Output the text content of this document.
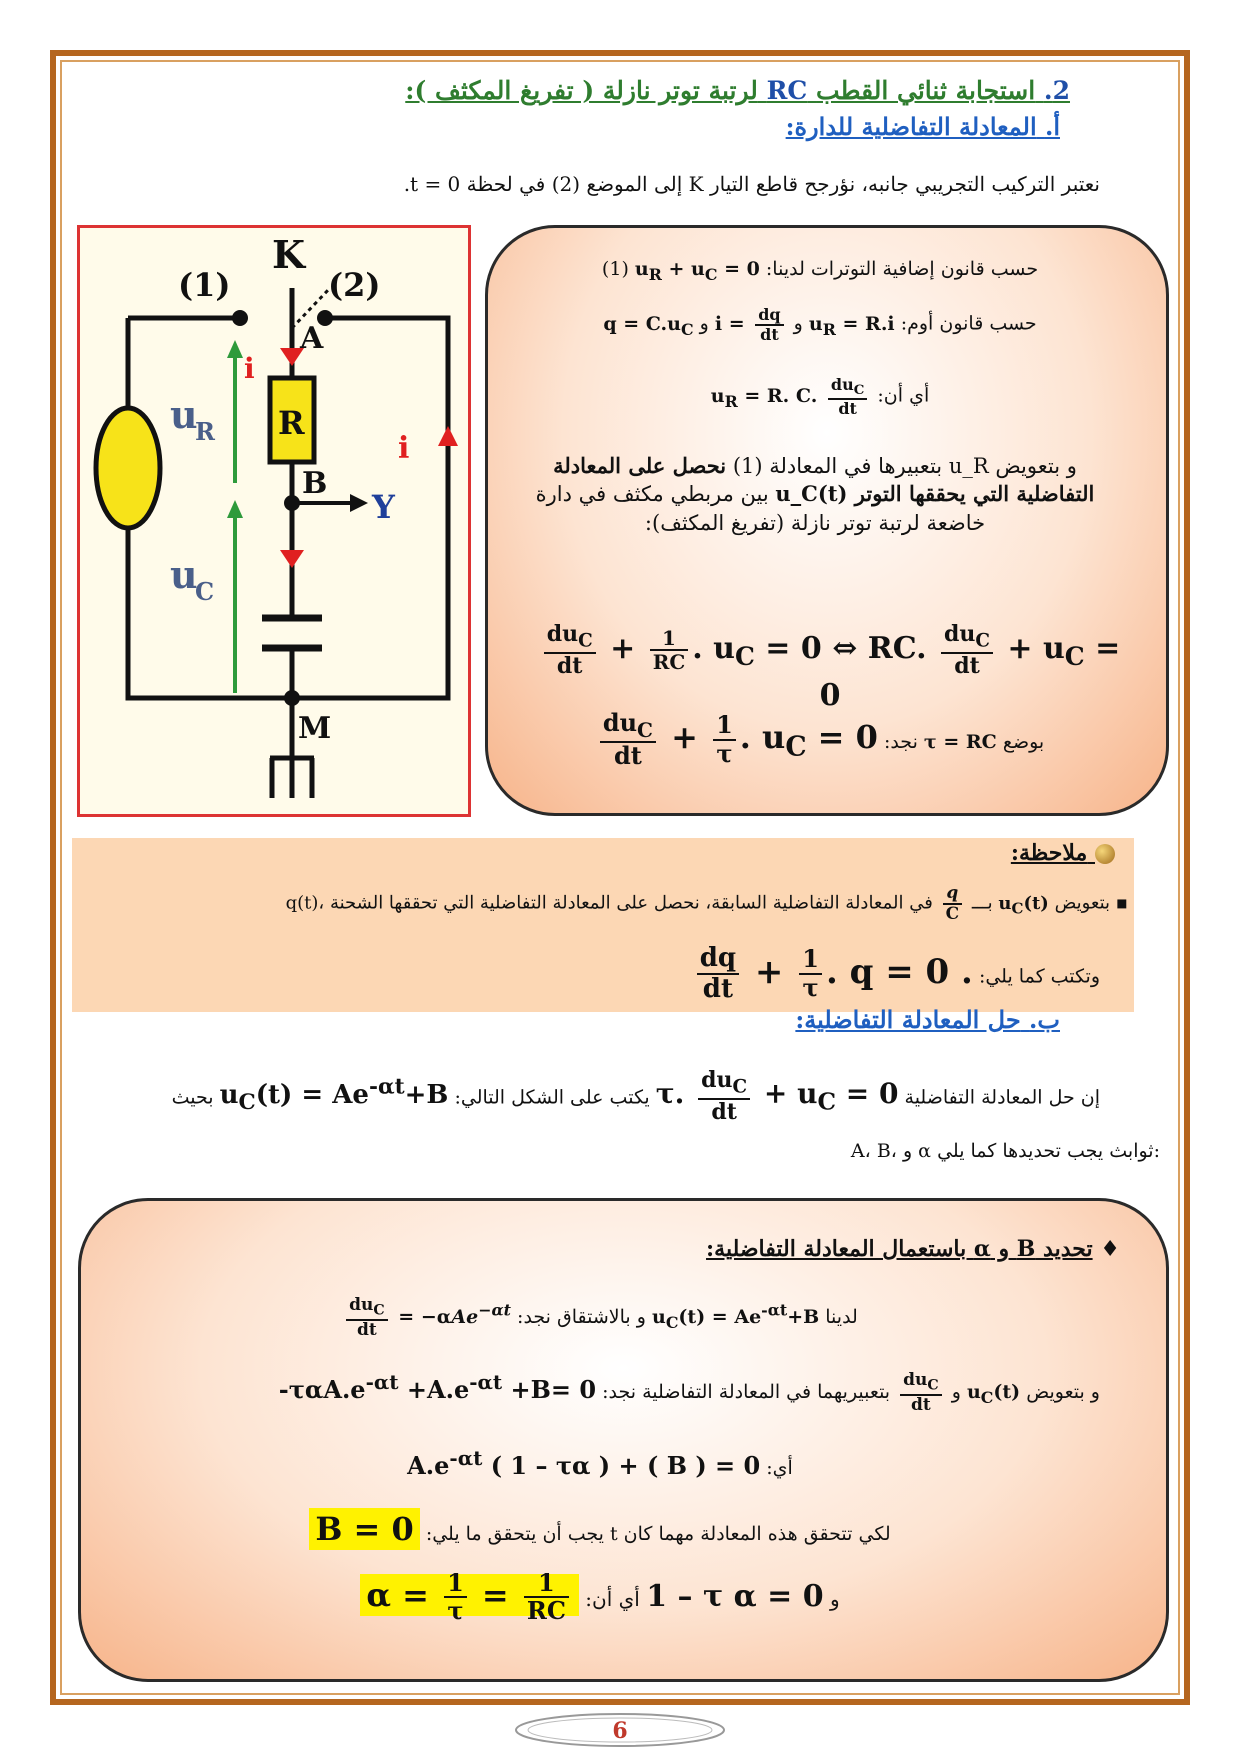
2. استجابة ثنائي القطب RC لرتبة توتر نازلة ( تفريغ المكثف ):
أ. المعادلة التفاضلية للدارة:
نعتبر التركيب التجريبي جانبه، نؤرجح قاطع التيار K إلى الموضع (2) في لحظة t = 0.
K
(1)	(2)
A
i
R
u
R	i
B
Y
u
C
M
حسب قانون إضافية التوترات لدينا: $u_R + u_C = 0$ (1)
حسب قانون أوم: $u_R = R.i$ و $i = \frac{dq}{dt}$
و $q = C.u_C$
أي أن: $u_R = R$. C. $\frac{du_C}{dt}$
و بتعويض u_R بتعبيرها في المعادلة (1) نحصل على المعادلة التفاضلية التي يحققها التوتر u_C(t) بين مربطي مكثف في دارة خاضعة لرتبة توتر نازلة (تفريغ المكثف):
$\frac{du_C}{dt} + \frac{1}{RC}$ . $u_C = 0$ ⇔ RC. $\frac{du_C}{dt} + u_C = 0$
بوضع τ = RC نجد:
$\frac{du_C}{dt} + \frac{1}{\tau}$ . $u_C = 0$
ملاحظة:
▪ بتعويض $u_C(t)$ بـــ
$\frac{q}{C}$
في المعادلة التفاضلية السابقة، نحصل على المعادلة التفاضلية التي تحققها الشحنة q(t)،
وتكتب كما يلي:
$\frac{dq}{dt} + \frac{1}{\tau}$ . q = 0 .
ب. حل المعادلة التفاضلية:
إن حل المعادلة التفاضلية τ. $\frac{du_C}{dt} + u_C = 0$ يكتب على الشكل التالي: $u_C(t) = Ae^{-\alpha t}+B$ بحيث
A، B، و α ثوابث يجب تحديدها كما يلي:
♦ تحديد B و α باستعمال المعادلة التفاضلية:
لدينا $u_C(t) = Ae^{-\alpha t}+B$ و بالاشتقاق نجد:
$\frac{du_C}{dt} = -\alpha Ae^{-\alpha t}$
و بتعويض $u_C(t)$ و
$\frac{du_C}{dt}$
بتعبيريهما في المعادلة التفاضلية نجد: $-\tau\alpha A.e^{-\alpha t} +A.e^{-\alpha t} +B= 0$
أي: $A.e^{-\alpha t}$ ( 1 – τα ) + ( B ) = 0
لكي تتحقق هذه المعادلة مهما كان t يجب أن يتحقق ما يلي: B = 0
و 1 – τ α = 0 أي أن: $\alpha = \frac{1}{\tau} = \frac{1}{RC}$
6
